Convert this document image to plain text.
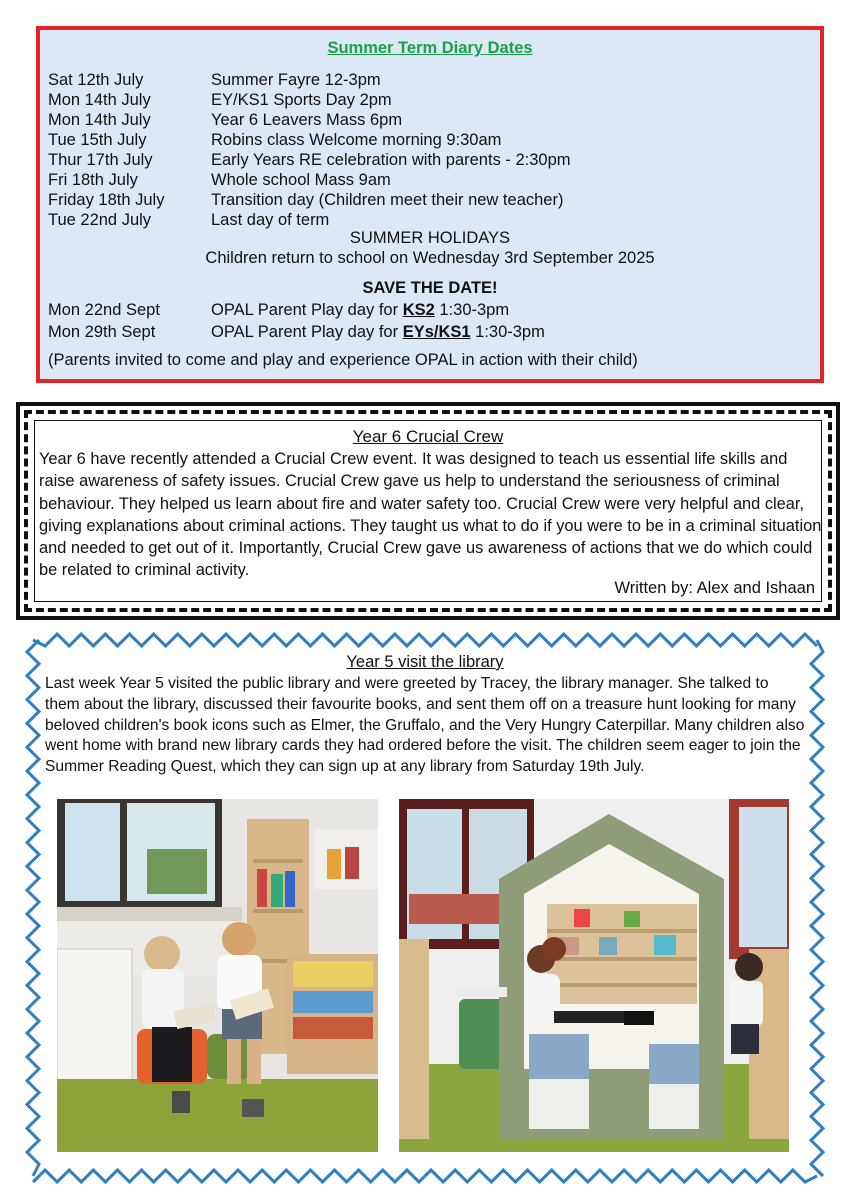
Summer Term Diary Dates
Sat 12th July	Summer Fayre 12-3pm
Mon 14th July	EY/KS1 Sports Day 2pm
Mon 14th July	Year 6 Leavers Mass 6pm
Tue 15th July	Robins class Welcome morning 9:30am
Thur 17th July	Early Years RE celebration with parents - 2:30pm
Fri 18th July	Whole school Mass 9am
Friday 18th July	Transition day (Children meet their new teacher)
Tue 22nd July	Last day of term
SUMMER HOLIDAYS
Children return to school on Wednesday 3rd September 2025
SAVE THE DATE!
Mon 22nd Sept	OPAL Parent Play day for KS2 1:30-3pm
Mon 29th Sept	OPAL Parent Play day for EYs/KS1 1:30-3pm
(Parents invited to come and play and experience OPAL in action with their child)
Year 6 Crucial Crew
Year 6 have recently attended a Crucial Crew event. It was designed to teach us essential life skills and raise awareness of safety issues. Crucial Crew gave us help to understand the seriousness of criminal behaviour. They helped us learn about fire and water safety too. Crucial Crew were very helpful and clear, giving explanations about criminal actions. They taught us what to do if you were to be in a criminal situation and needed to get out of it. Importantly, Crucial Crew gave us awareness of actions that we do which could be related to criminal activity.
Written by: Alex and Ishaan
Year 5 visit the library
Last week Year 5 visited the public library and were greeted by Tracey, the library manager. She talked to them about the library, discussed their favourite books, and sent them off on a treasure hunt looking for many beloved children's book icons such as Elmer, the Gruffalo, and the Very Hungry Caterpillar. Many children also went home with brand new library cards they had ordered before the visit. The children seem eager to join the Summer Reading Quest, which they can sign up at any library from Saturday 19th July.
